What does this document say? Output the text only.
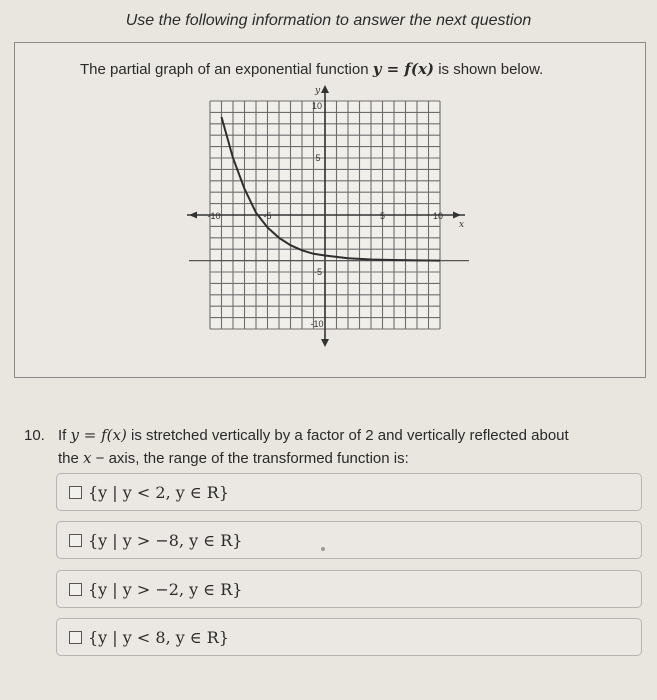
Use the following information to answer the next question
The partial graph of an exponential function y = f(x) is shown below.
x
y
-10	-5	5	10
10
5
-5
-10
10. If y = f(x) is stretched vertically by a factor of 2 and vertically reflected about
the x − axis, the range of the transformed function is:
{y | y < 2, y ∈ R}
{y | y > −8, y ∈ R}
{y | y > −2, y ∈ R}
{y | y < 8, y ∈ R}
